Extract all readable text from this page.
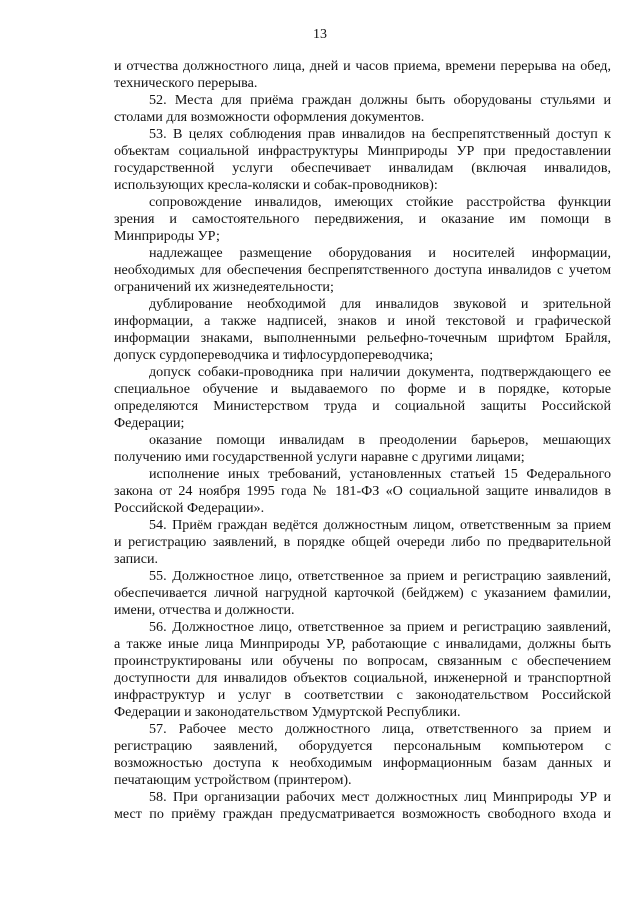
13
и отчества должностного лица, дней и часов приема, времени перерыва на обед,
технического перерыва.
52. Места для приёма граждан должны быть оборудованы стульями и
столами для возможности оформления документов.
53. В целях соблюдения прав инвалидов на беспрепятственный доступ к
объектам социальной инфраструктуры Минприроды УР при предоставлении
государственной услуги обеспечивает инвалидам (включая инвалидов,
использующих кресла-коляски и собак-проводников):
сопровождение инвалидов, имеющих стойкие расстройства функции
зрения и самостоятельного передвижения, и оказание им помощи в
Минприроды УР;
надлежащее размещение оборудования и носителей информации,
необходимых для обеспечения беспрепятственного доступа инвалидов с учетом
ограничений их жизнедеятельности;
дублирование необходимой для инвалидов звуковой и зрительной
информации, а также надписей, знаков и иной текстовой и графической
информации знаками, выполненными рельефно-точечным шрифтом Брайля,
допуск сурдопереводчика и тифлосурдопереводчика;
допуск собаки-проводника при наличии документа, подтверждающего ее
специальное обучение и выдаваемого по форме и в порядке, которые
определяются Министерством труда и социальной защиты Российской
Федерации;
оказание помощи инвалидам в преодолении барьеров, мешающих
получению ими государственной услуги наравне с другими лицами;
исполнение иных требований, установленных статьей 15 Федерального
закона от 24 ноября 1995 года № 181-ФЗ «О социальной защите инвалидов в
Российской Федерации».
54. Приём граждан ведётся должностным лицом, ответственным за прием
и регистрацию заявлений, в порядке общей очереди либо по предварительной
записи.
55. Должностное лицо, ответственное за прием и регистрацию заявлений,
обеспечивается личной нагрудной карточкой (бейджем) с указанием фамилии,
имени, отчества и должности.
56. Должностное лицо, ответственное за прием и регистрацию заявлений,
а также иные лица Минприроды УР, работающие с инвалидами, должны быть
проинструктированы или обучены по вопросам, связанным с обеспечением
доступности для инвалидов объектов социальной, инженерной и транспортной
инфраструктур и услуг в соответствии с законодательством Российской
Федерации и законодательством Удмуртской Республики.
57. Рабочее место должностного лица, ответственного за прием и
регистрацию заявлений, оборудуется персональным компьютером с
возможностью доступа к необходимым информационным базам данных и
печатающим устройством (принтером).
58. При организации рабочих мест должностных лиц Минприроды УР и
мест по приёму граждан предусматривается возможность свободного входа и
